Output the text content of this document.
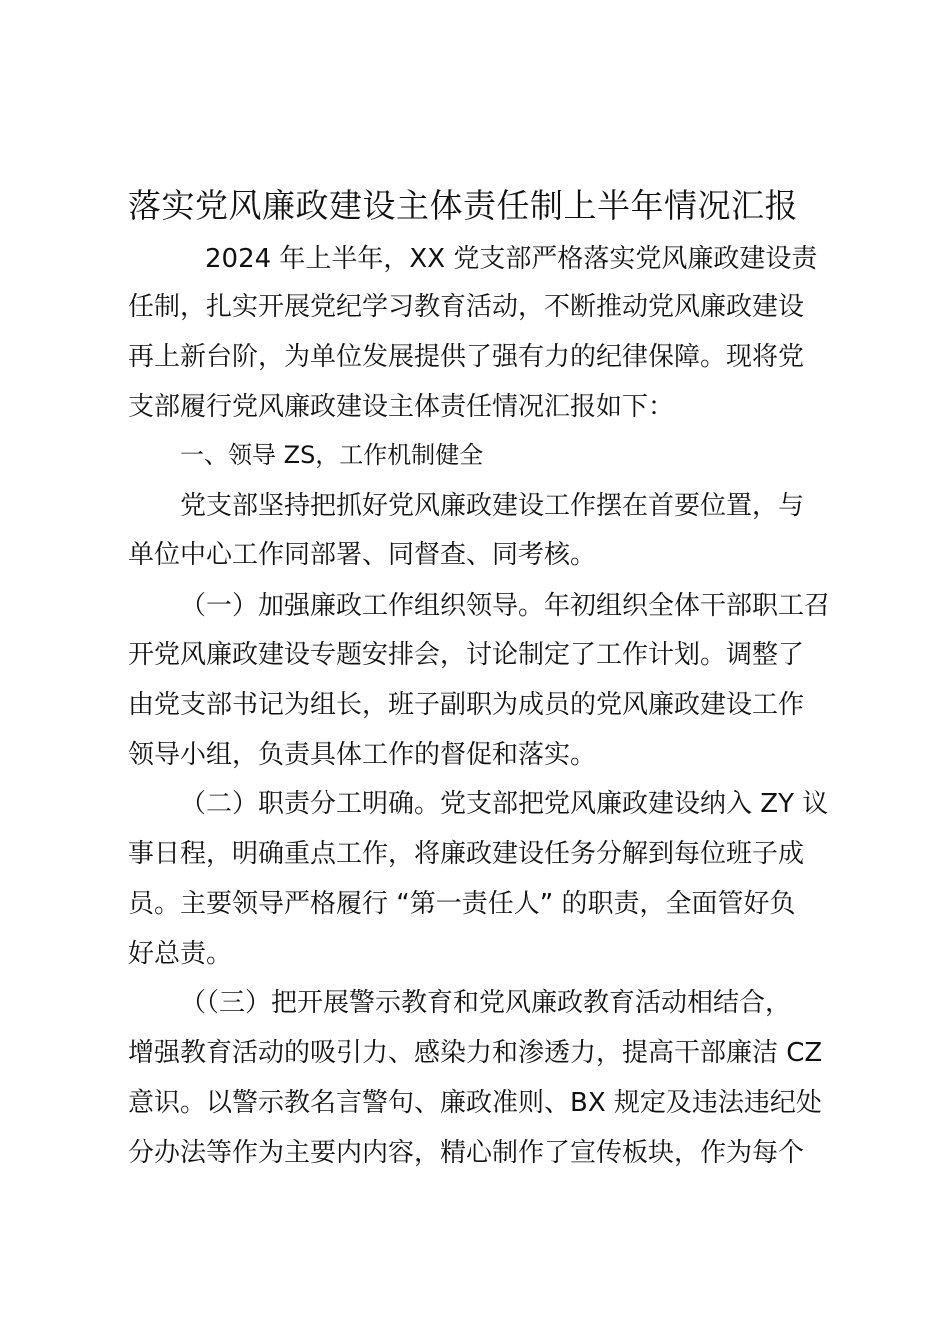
落实党风廉政建设主体责任制上半年情况汇报
2024 年上半年，XX 党支部严格落实党风廉政建设责
任制，扎实开展党纪学习教育活动，不断推动党风廉政建设
再上新台阶，为单位发展提供了强有力的纪律保障。现将党
支部履行党风廉政建设主体责任情况汇报如下：
一、领导 ZS，工作机制健全
党支部坚持把抓好党风廉政建设工作摆在首要位置，与
单位中心工作同部署、同督查、同考核。
（一）加强廉政工作组织领导。年初组织全体干部职工召
开党风廉政建设专题安排会，讨论制定了工作计划。调整了
由党支部书记为组长，班子副职为成员的党风廉政建设工作
领导小组，负责具体工作的督促和落实。
（二）职责分工明确。党支部把党风廉政建设纳入 ZY 议
事日程，明确重点工作，将廉政建设任务分解到每位班子成
员。主要领导严格履行 “第一责任人” 的职责，全面管好负
好总责。
（（三）把开展警示教育和党风廉政教育活动相结合，
增强教育活动的吸引力、感染力和渗透力，提高干部廉洁 CZ
意识。以警示教名言警句、廉政准则、BX 规定及违法违纪处
分办法等作为主要内内容，精心制作了宣传板块，作为每个
